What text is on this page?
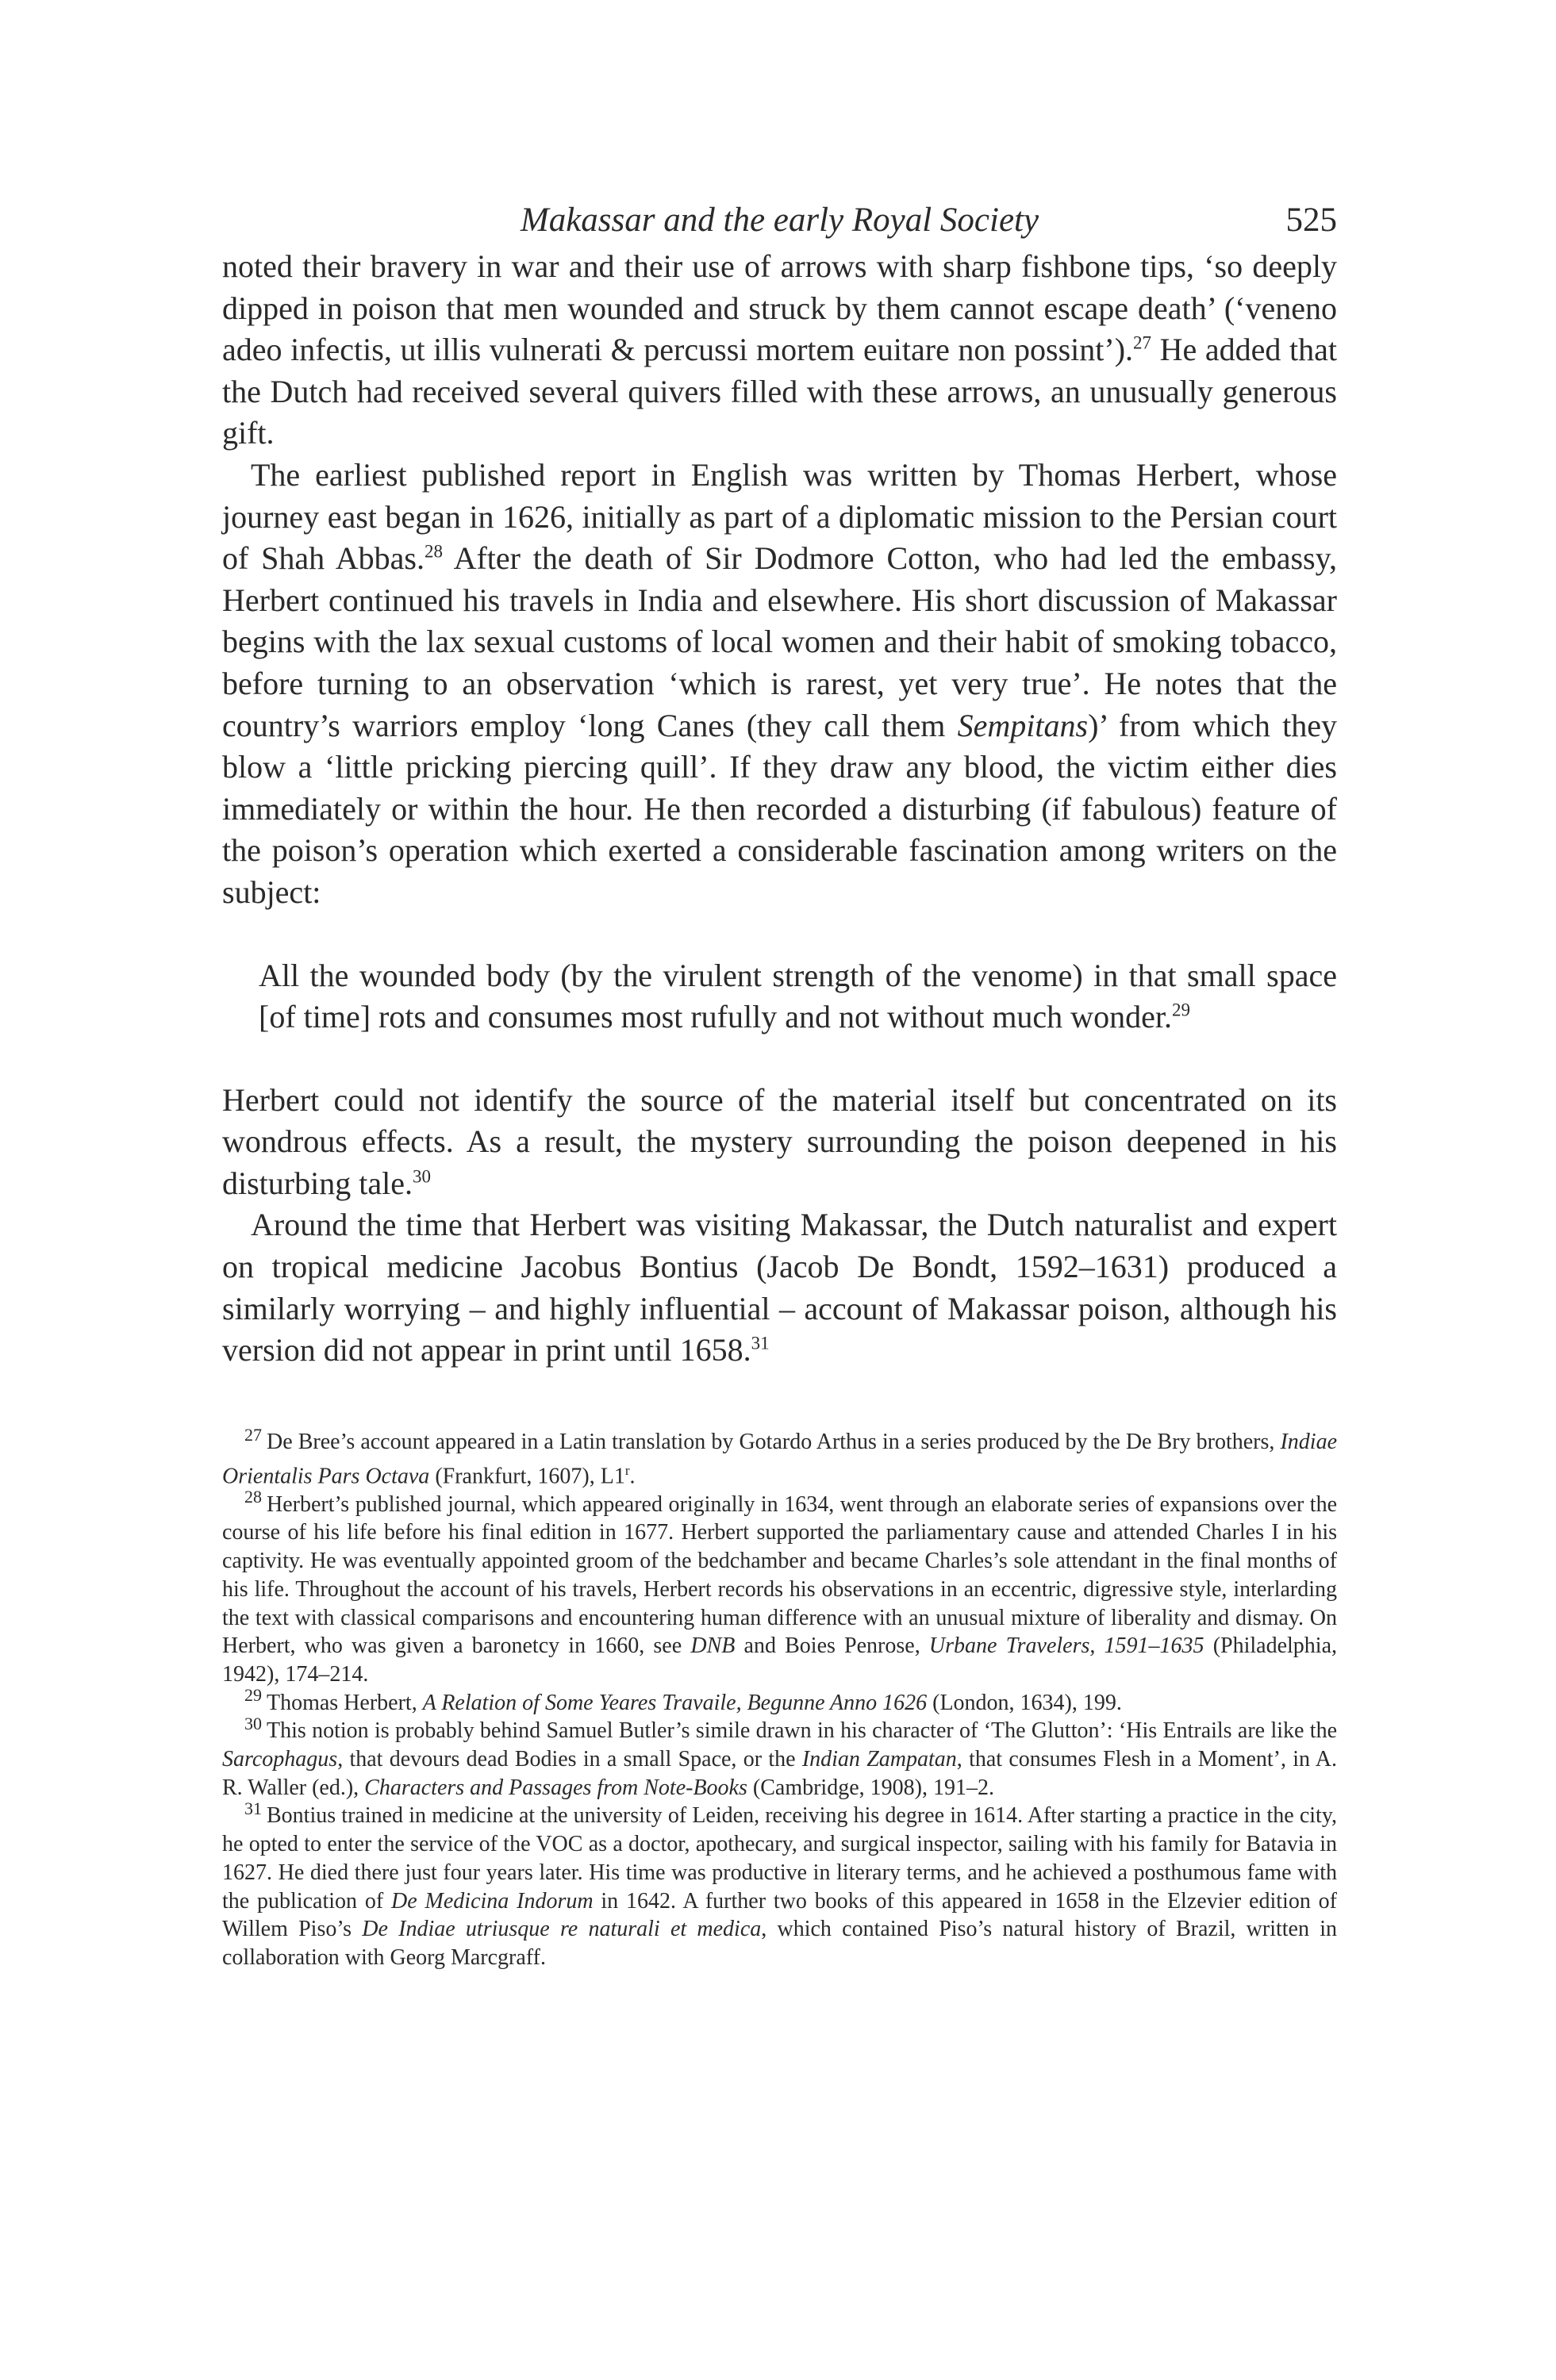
Makassar and the early Royal Society	525

noted their bravery in war and their use of arrows with sharp fishbone tips, ‘so deeply dipped in poison that men wounded and struck by them cannot escape death’ (‘veneno adeo infectis, ut illis vulnerati & percussi mortem euitare non possint’).$^{27}$ He added that the Dutch had received several quivers filled with these arrows, an unusually generous gift.

The earliest published report in English was written by Thomas Herbert, whose journey east began in 1626, initially as part of a diplomatic mission to the Persian court of Shah Abbas.$^{28}$ After the death of Sir Dodmore Cotton, who had led the embassy, Herbert continued his travels in India and elsewhere. His short discussion of Makassar begins with the lax sexual customs of local women and their habit of smoking tobacco, before turning to an observation ‘which is rarest, yet very true’. He notes that the country’s warriors employ ‘long Canes (they call them Sempitans)’ from which they blow a ‘little pricking piercing quill’. If they draw any blood, the victim either dies immediately or within the hour. He then recorded a disturbing (if fabulous) feature of the poison’s operation which exerted a considerable fascination among writers on the subject:

All the wounded body (by the virulent strength of the venome) in that small space [of time] rots and consumes most rufully and not without much wonder.$^{29}$

Herbert could not identify the source of the material itself but concentrated on its wondrous effects. As a result, the mystery surrounding the poison deepened in his disturbing tale.$^{30}$

Around the time that Herbert was visiting Makassar, the Dutch naturalist and expert on tropical medicine Jacobus Bontius (Jacob De Bondt, 1592–1631) produced a similarly worrying – and highly influential – account of Makassar poison, although his version did not appear in print until 1658.31

$^{27}$ De Bree’s account appeared in a Latin translation by Gotardo Arthus in a series produced by the De Bry brothers, Indiae Orientalis Pars Octava (Frankfurt, 1607), L1$^r$.

$^{28}$ Herbert’s published journal, which appeared originally in 1634, went through an elaborate series of expansions over the course of his life before his final edition in 1677. Herbert supported the parliamentary cause and attended Charles I in his captivity. He was eventually appointed groom of the bedchamber and became Charles’s sole attendant in the final months of his life. Throughout the account of his travels, Herbert records his observations in an eccentric, digressive style, interlarding the text with classical comparisons and encountering human difference with an unusual mixture of liberality and dismay. On Herbert, who was given a baronetcy in 1660, see DNB and Boies Penrose, Urbane Travelers, 1591–1635 (Philadelphia, 1942), 174–214.

$^{29}$ Thomas Herbert, A Relation of Some Yeares Travaile, Begunne Anno 1626 (London, 1634), 199.

$^{30}$ This notion is probably behind Samuel Butler’s simile drawn in his character of ‘The Glutton’: ‘His Entrails are like the Sarcophagus, that devours dead Bodies in a small Space, or the Indian Zampatan, that consumes Flesh in a Moment’, in A. R. Waller (ed.), Characters and Passages from Note-Books (Cambridge, 1908), 191–2.

$^{31}$ Bontius trained in medicine at the university of Leiden, receiving his degree in 1614. After starting a practice in the city, he opted to enter the service of the VOC as a doctor, apothecary, and surgical inspector, sailing with his family for Batavia in 1627. He died there just four years later. His time was productive in literary terms, and he achieved a posthumous fame with the publication of De Medicina Indorum in 1642. A further two books of this appeared in 1658 in the Elzevier edition of Willem Piso’s De Indiae utriusque re naturali et medica, which contained Piso’s natural history of Brazil, written in collaboration with Georg Marcgraff.
